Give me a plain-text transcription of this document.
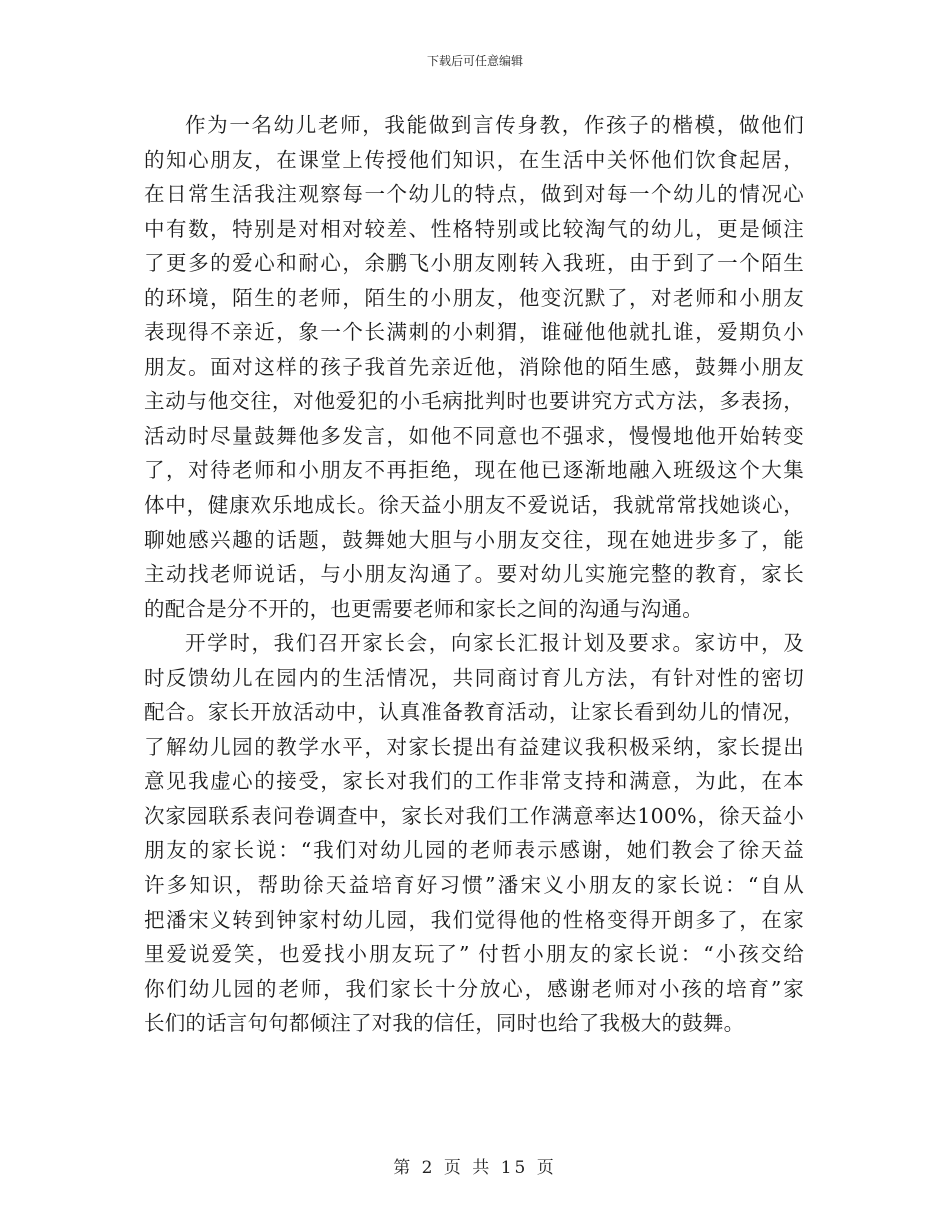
下载后可任意编辑
作为一名幼儿老师，我能做到言传身教，作孩子的楷模，做他们
的知心朋友，在课堂上传授他们知识，在生活中关怀他们饮食起居，
在日常生活我注观察每一个幼儿的特点，做到对每一个幼儿的情况心
中有数，特别是对相对较差、性格特别或比较淘气的幼儿，更是倾注
了更多的爱心和耐心，余鹏飞小朋友刚转入我班，由于到了一个陌生
的环境，陌生的老师，陌生的小朋友，他变沉默了，对老师和小朋友
表现得不亲近，象一个长满刺的小刺猬，谁碰他他就扎谁，爱期负小
朋友。面对这样的孩子我首先亲近他，消除他的陌生感，鼓舞小朋友
主动与他交往，对他爱犯的小毛病批判时也要讲究方式方法，多表扬，
活动时尽量鼓舞他多发言，如他不同意也不强求，慢慢地他开始转变
了，对待老师和小朋友不再拒绝，现在他已逐渐地融入班级这个大集
体中，健康欢乐地成长。徐天益小朋友不爱说话，我就常常找她谈心，
聊她感兴趣的话题，鼓舞她大胆与小朋友交往，现在她进步多了，能
主动找老师说话，与小朋友沟通了。要对幼儿实施完整的教育，家长
的配合是分不开的，也更需要老师和家长之间的沟通与沟通。
开学时，我们召开家长会，向家长汇报计划及要求。家访中，及
时反馈幼儿在园内的生活情况，共同商讨育儿方法，有针对性的密切
配合。家长开放活动中，认真准备教育活动，让家长看到幼儿的情况，
了解幼儿园的教学水平，对家长提出有益建议我积极采纳，家长提出
意见我虚心的接受，家长对我们的工作非常支持和满意，为此，在本
次家园联系表问卷调查中，家长对我们工作满意率达100%，徐天益小
朋友的家长说：“我们对幼儿园的老师表示感谢，她们教会了徐天益
许多知识，帮助徐天益培育好习惯”潘宋义小朋友的家长说：“自从
把潘宋义转到钟家村幼儿园，我们觉得他的性格变得开朗多了，在家
里爱说爱笑，也爱找小朋友玩了” 付哲小朋友的家长说：“小孩交给
你们幼儿园的老师，我们家长十分放心，感谢老师对小孩的培育”家
长们的话言句句都倾注了对我的信任，同时也给了我极大的鼓舞。
第 2 页 共 15 页
